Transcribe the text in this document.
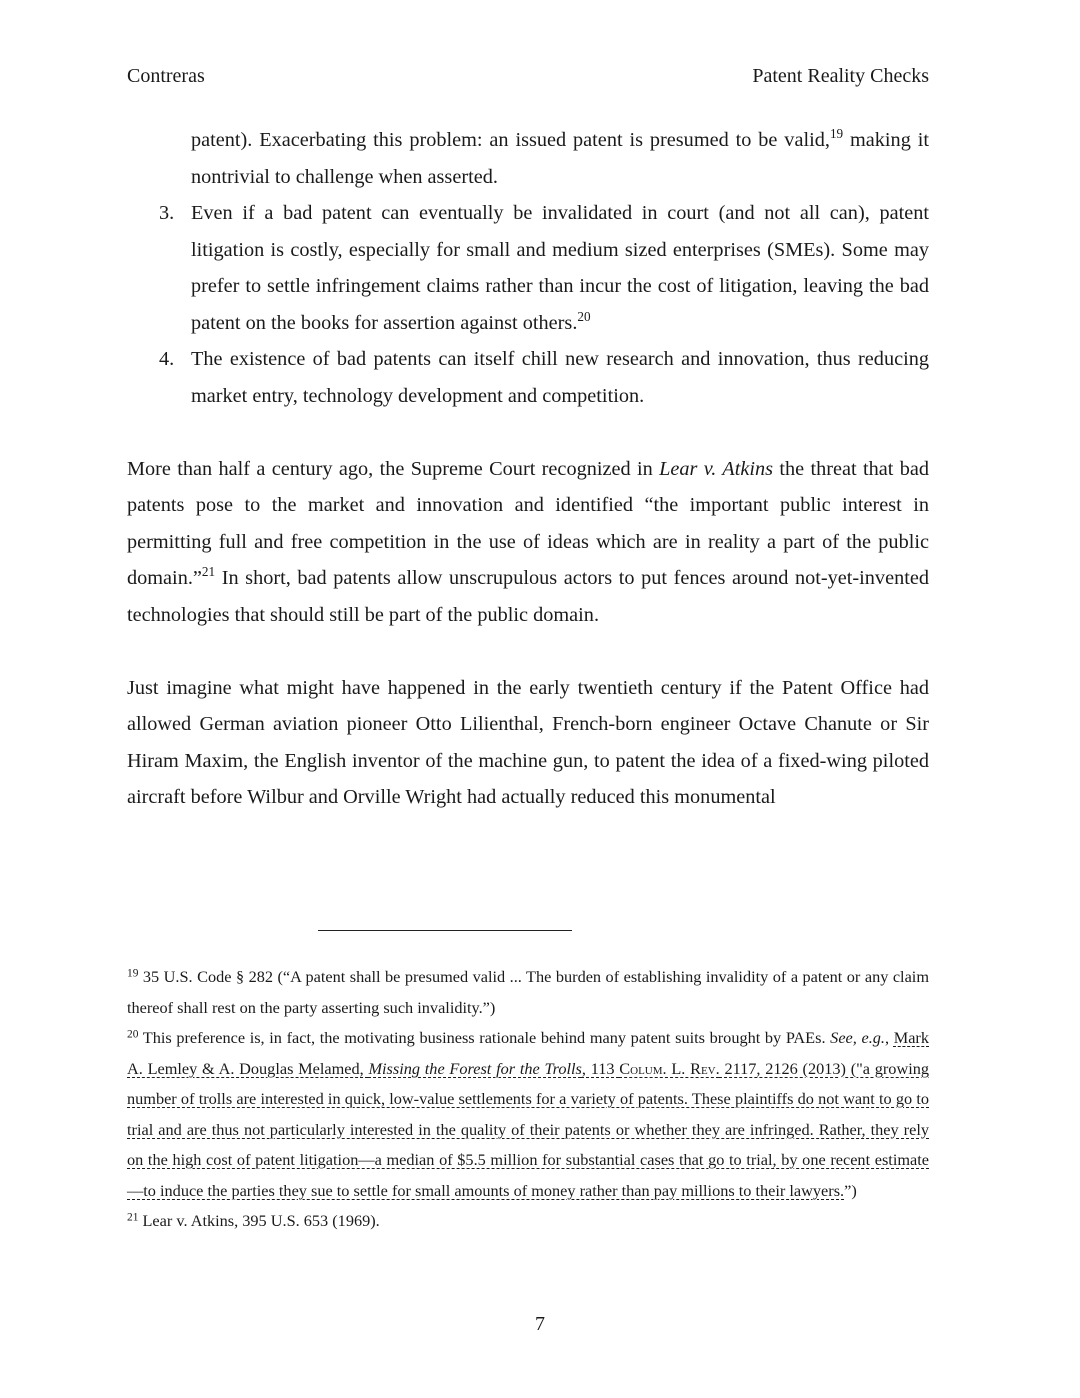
Contreras	Patent Reality Checks

patent). Exacerbating this problem: an issued patent is presumed to be valid,$^{19}$ making it nontrivial to challenge when asserted.

3. Even if a bad patent can eventually be invalidated in court (and not all can), patent litigation is costly, especially for small and medium sized enterprises (SMEs). Some may prefer to settle infringement claims rather than incur the cost of litigation, leaving the bad patent on the books for assertion against others.$^{20}$

4. The existence of bad patents can itself chill new research and innovation, thus reducing market entry, technology development and competition.

More than half a century ago, the Supreme Court recognized in Lear v. Atkins the threat that bad patents pose to the market and innovation and identified “the important public interest in permitting full and free competition in the use of ideas which are in reality a part of the public domain.”$^{21}$ In short, bad patents allow unscrupulous actors to put fences around not-yet-invented technologies that should still be part of the public domain.

Just imagine what might have happened in the early twentieth century if the Patent Office had allowed German aviation pioneer Otto Lilienthal, French-born engineer Octave Chanute or Sir Hiram Maxim, the English inventor of the machine gun, to patent the idea of a fixed-wing piloted aircraft before Wilbur and Orville Wright had actually reduced this monumental

$^{19}$ 35 U.S. Code § 282 (“A patent shall be presumed valid ... The burden of establishing invalidity of a patent or any claim thereof shall rest on the party asserting such invalidity.”)

$^{20}$ This preference is, in fact, the motivating business rationale behind many patent suits brought by PAEs. See, e.g., Mark A. Lemley & A. Douglas Melamed, Missing the Forest for the Trolls, 113 Colum. L. Rev. 2117, 2126 (2013) ("a growing number of trolls are interested in quick, low-value settlements for a variety of patents. These plaintiffs do not want to go to trial and are thus not particularly interested in the quality of their patents or whether they are infringed. Rather, they rely on the high cost of patent litigation—a median of $5.5 million for substantial cases that go to trial, by one recent estimate—to induce the parties they sue to settle for small amounts of money rather than pay millions to their lawyers.”)

$^{21}$ Lear v. Atkins, 395 U.S. 653 (1969).

7
